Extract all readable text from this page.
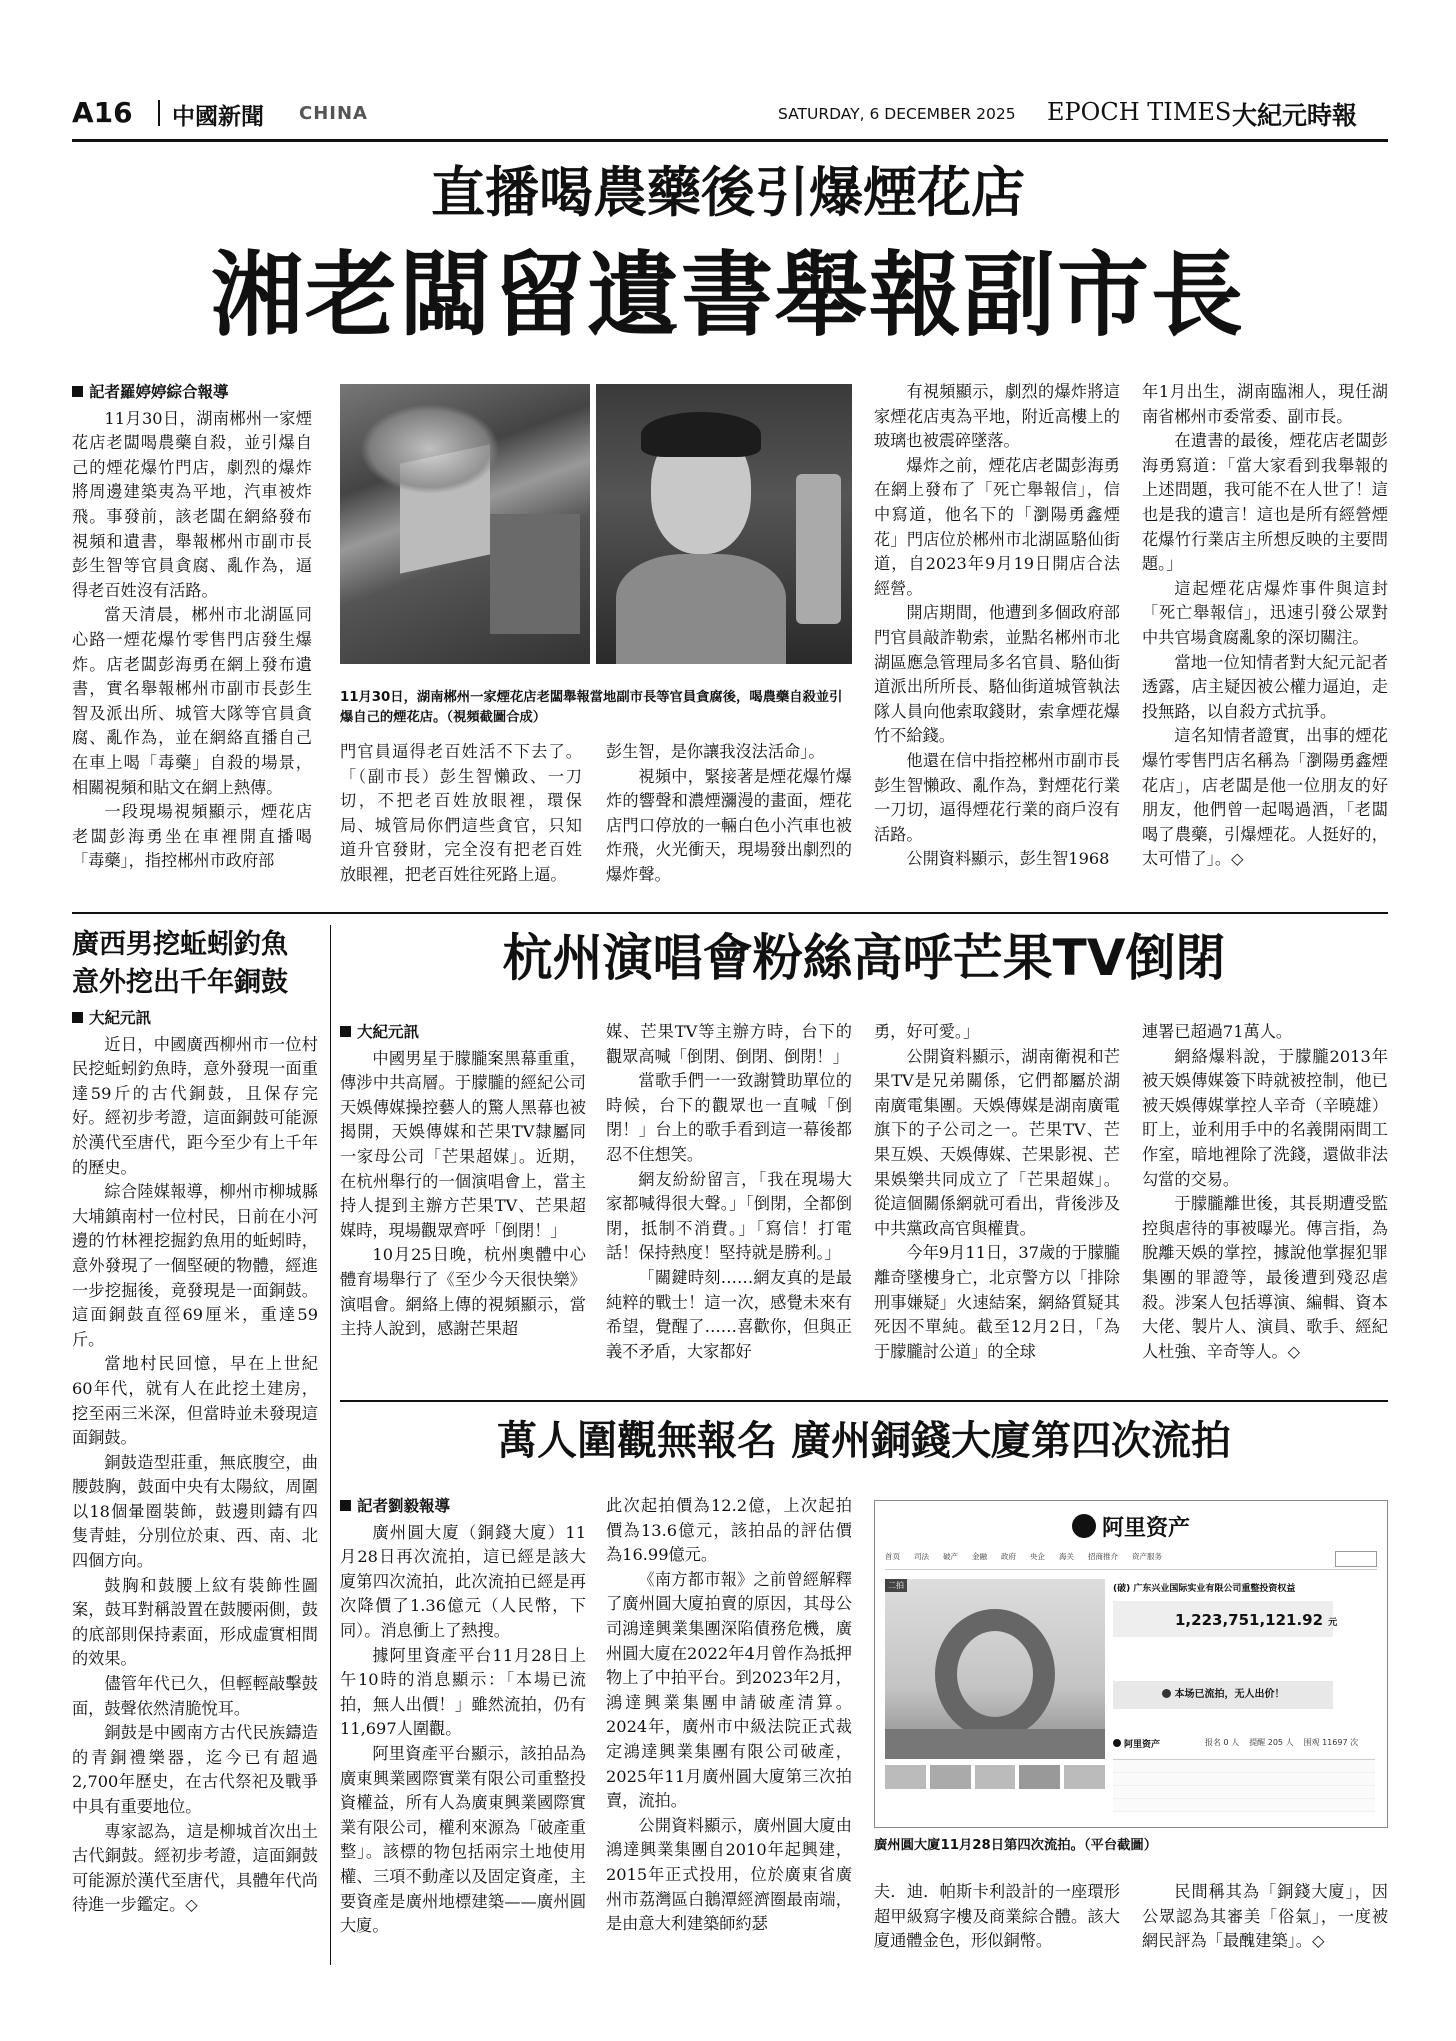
A16 中國新聞 CHINA	SATURDAY, 6 DECEMBER 2025 EPOCH TIMES 大紀元時報
直播喝農藥後引爆煙花店
湘老闆留遺書舉報副市長
記者羅婷婷綜合報導

11月30日，湖南郴州一家煙花店老闆喝農藥自殺，並引爆自己的煙花爆竹門店，劇烈的爆炸將周邊建築夷為平地，汽車被炸飛。事發前，該老闆在網絡發布視頻和遺書，舉報郴州市副市長彭生智等官員貪腐、亂作為，逼得老百姓沒有活路。

當天清晨，郴州市北湖區同心路一煙花爆竹零售門店發生爆炸。店老闆彭海勇在網上發布遺書，實名舉報郴州市副市長彭生智及派出所、城管大隊等官員貪腐、亂作為，並在網絡直播自己在車上喝「毒藥」自殺的場景，相關視頻和貼文在網上熱傳。

一段現場視頻顯示，煙花店老闆彭海勇坐在車裡開直播喝「毒藥」，指控郴州市政府部

11月30日，湖南郴州一家煙花店老闆舉報當地副市長等官員貪腐後，喝農藥自殺並引爆自己的煙花店。（視頻截圖合成）

門官員逼得老百姓活不下去了。「（副市長）彭生智懶政、一刀切，不把老百姓放眼裡，環保局、城管局你們這些貪官，只知道升官發財，完全沒有把老百姓放眼裡，把老百姓往死路上逼。

彭生智，是你讓我沒法活命」。

視頻中，緊接著是煙花爆竹爆炸的響聲和濃煙瀰漫的畫面，煙花店門口停放的一輛白色小汽車也被炸飛，火光衝天，現場發出劇烈的爆炸聲。

有視頻顯示，劇烈的爆炸將這家煙花店夷為平地，附近高樓上的玻璃也被震碎墜落。

爆炸之前，煙花店老闆彭海勇在網上發布了「死亡舉報信」，信中寫道，他名下的「瀏陽勇鑫煙花」門店位於郴州市北湖區駱仙街道，自2023年9月19日開店合法經營。

開店期間，他遭到多個政府部門官員敲詐勒索，並點名郴州市北湖區應急管理局多名官員、駱仙街道派出所所長、駱仙街道城管執法隊人員向他索取錢財，索拿煙花爆竹不給錢。

他還在信中指控郴州市副市長彭生智懶政、亂作為，對煙花行業一刀切，逼得煙花行業的商戶沒有活路。

公開資料顯示，彭生智1968

年1月出生，湖南臨湘人，現任湖南省郴州市委常委、副市長。

在遺書的最後，煙花店老闆彭海勇寫道：「當大家看到我舉報的上述問題，我可能不在人世了！這也是我的遺言！這也是所有經營煙花爆竹行業店主所想反映的主要問題。」

這起煙花店爆炸事件與這封「死亡舉報信」，迅速引發公眾對中共官場貪腐亂象的深切關注。

當地一位知情者對大紀元記者透露，店主疑因被公權力逼迫，走投無路，以自殺方式抗爭。

這名知情者證實，出事的煙花爆竹零售門店名稱為「瀏陽勇鑫煙花店」，店老闆是他一位朋友的好朋友，他們曾一起喝過酒，「老闆喝了農藥，引爆煙花。人挺好的，太可惜了」。◇

廣西男挖蚯蚓釣魚
意外挖出千年銅鼓
大紀元訊

近日，中國廣西柳州市一位村民挖蚯蚓釣魚時，意外發現一面重達59斤的古代銅鼓，且保存完好。經初步考證，這面銅鼓可能源於漢代至唐代，距今至少有上千年的歷史。

綜合陸媒報導，柳州市柳城縣大埔鎮南村一位村民，日前在小河邊的竹林裡挖掘釣魚用的蚯蚓時，意外發現了一個堅硬的物體，經進一步挖掘後，竟發現是一面銅鼓。這面銅鼓直徑69厘米，重達59斤。

當地村民回憶，早在上世紀60年代，就有人在此挖土建房，挖至兩三米深，但當時並未發現這面銅鼓。

銅鼓造型莊重，無底腹空，曲腰鼓胸，鼓面中央有太陽紋，周圍以18個暈圈裝飾，鼓邊則鑄有四隻青蛙，分別位於東、西、南、北四個方向。

鼓胸和鼓腰上紋有裝飾性圖案，鼓耳對稱設置在鼓腰兩側，鼓的底部則保持素面，形成虛實相間的效果。

儘管年代已久，但輕輕敲擊鼓面，鼓聲依然清脆悅耳。

銅鼓是中國南方古代民族鑄造的青銅禮樂器，迄今已有超過2,700年歷史，在古代祭祀及戰爭中具有重要地位。

專家認為，這是柳城首次出土古代銅鼓。經初步考證，這面銅鼓可能源於漢代至唐代，具體年代尚待進一步鑑定。◇

杭州演唱會粉絲高呼芒果TV倒閉
大紀元訊

中國男星于朦朧案黑幕重重，傳涉中共高層。于朦朧的經紀公司天娛傳媒操控藝人的驚人黑幕也被揭開，天娛傳媒和芒果TV隸屬同一家母公司「芒果超媒」。近期，在杭州舉行的一個演唱會上，當主持人提到主辦方芒果TV、芒果超媒時，現場觀眾齊呼「倒閉！」

10月25日晚，杭州奧體中心體育場舉行了《至少今天很快樂》演唱會。網絡上傳的視頻顯示，當主持人說到，感謝芒果超

媒、芒果TV等主辦方時，台下的觀眾高喊「倒閉、倒閉、倒閉！」

當歌手們一一致謝贊助單位的時候，台下的觀眾也一直喊「倒閉！」台上的歌手看到這一幕後都忍不住想笑。

網友紛紛留言，「我在現場大家都喊得很大聲。」「倒閉，全都倒閉，抵制不消費。」「寫信！打電話！保持熱度！堅持就是勝利。」

「關鍵時刻……網友真的是最純粹的戰士！這一次，感覺未來有希望，覺醒了……喜歡你，但與正義不矛盾，大家都好

勇，好可愛。」

公開資料顯示，湖南衛視和芒果TV是兄弟關係，它們都屬於湖南廣電集團。天娛傳媒是湖南廣電旗下的子公司之一。芒果TV、芒果互娛、天娛傳媒、芒果影視、芒果娛樂共同成立了「芒果超媒」。從這個關係網就可看出，背後涉及中共黨政高官與權貴。

今年9月11日，37歲的于朦朧離奇墜樓身亡，北京警方以「排除刑事嫌疑」火速結案，網絡質疑其死因不單純。截至12月2日，「為于朦朧討公道」的全球

連署已超過71萬人。

網絡爆料說，于朦朧2013年被天娛傳媒簽下時就被控制，他已被天娛傳媒掌控人辛奇（辛曉雄）盯上，並利用手中的名義開兩間工作室，暗地裡除了洗錢，還做非法勾當的交易。

于朦朧離世後，其長期遭受監控與虐待的事被曝光。傳言指，為脫離天娛的掌控，據說他掌握犯罪集團的罪證等，最後遭到殘忍虐殺。涉案人包括導演、編輯、資本大佬、製片人、演員、歌手、經紀人杜強、辛奇等人。◇

萬人圍觀無報名 廣州銅錢大廈第四次流拍
記者劉毅報導

廣州圓大廈（銅錢大廈）11月28日再次流拍，這已經是該大廈第四次流拍，此次流拍已經是再次降價了1.36億元（人民幣，下同）。消息衝上了熱搜。

據阿里資產平台11月28日上午10時的消息顯示：「本場已流拍，無人出價！」雖然流拍，仍有11,697人圍觀。

阿里資產平台顯示，該拍品為廣東興業國際實業有限公司重整投資權益，所有人為廣東興業國際實業有限公司，權利來源為「破產重整」。該標的物包括兩宗土地使用權、三項不動產以及固定資產，主要資產是廣州地標建築——廣州圓大廈。

此次起拍價為12.2億，上次起拍價為13.6億元，該拍品的評估價為16.99億元。

《南方都市報》之前曾經解釋了廣州圓大廈拍賣的原因，其母公司鴻達興業集團深陷債務危機，廣州圓大廈在2022年4月曾作為抵押物上了中拍平台。到2023年2月，鴻達興業集團申請破產清算。2024年，廣州市中級法院正式裁定鴻達興業集團有限公司破產，2025年11月廣州圓大廈第三次拍賣，流拍。

公開資料顯示，廣州圓大廈由鴻達興業集團自2010年起興建，2015年正式投用，位於廣東省廣州市荔灣區白鵝潭經濟圈最南端，是由意大利建築師約瑟

阿里资产
首页 司法 破产 金融 政府 央企 海关 招商推介 资产服务
二拍	(破) 广东兴业国际实业有限公司重整投资权益
1,223,751,121.92 元
本场已流拍，无人出价！
阿里资产	报名 0 人 提醒 205 人 围观 11697 次
廣州圓大廈11月28日第四次流拍。（平台截圖）

夫．迪．帕斯卡利設計的一座環形超甲級寫字樓及商業綜合體。該大廈通體金色，形似銅幣。

民間稱其為「銅錢大廈」，因公眾認為其審美「俗氣」，一度被網民評為「最醜建築」。◇
